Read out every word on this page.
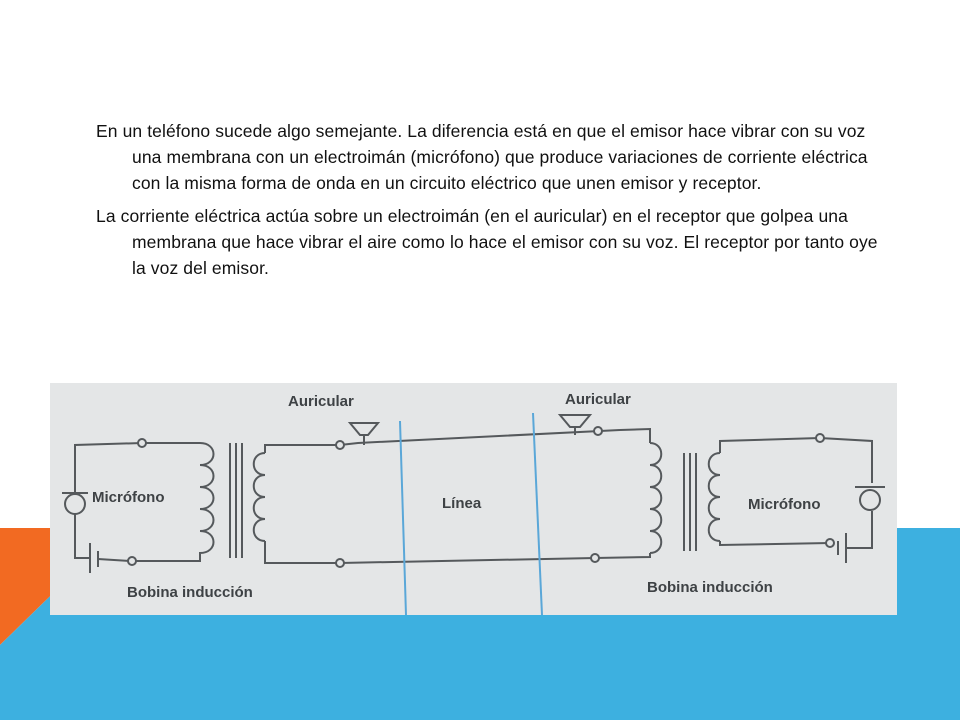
En un teléfono sucede algo semejante. La diferencia está en que el emisor hace vibrar con su voz una membrana con un electroimán (micrófono) que produce variaciones de corriente eléctrica con la misma forma de onda en un circuito eléctrico que unen emisor y receptor.

La corriente eléctrica actúa sobre un electroimán (en el auricular) en el receptor que golpea una membrana que hace vibrar el aire como lo hace el emisor con su voz. El receptor por tanto oye la voz del emisor.

Auricular	Auricular
Micrófono	Micrófono
Línea
Bobina inducción	Bobina inducción
